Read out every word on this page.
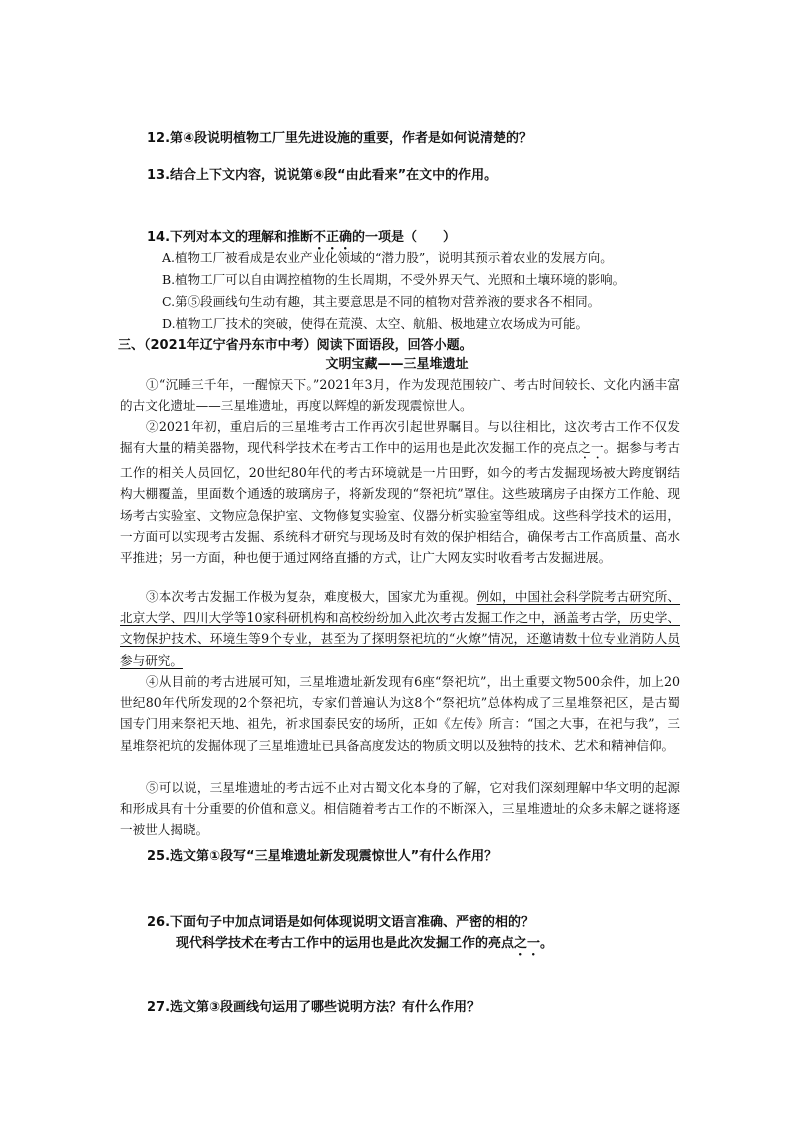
12.第④段说明植物工厂里先进设施的重要，作者是如何说清楚的？
13.结合上下文内容，说说第⑥段“由此看来”在文中的作用。
14.下列对本文的理解和推断不正确的一项是（　　）
A.植物工厂被看成是农业产业化领域的“潜力股”，说明其预示着农业的发展方向。
B.植物工厂可以自由调控植物的生长周期，不受外界天气、光照和土壤环境的影响。
C.第⑤段画线句生动有趣，其主要意思是不同的植物对营养液的要求各不相同。
D.植物工厂技术的突破，使得在荒漠、太空、航船、极地建立农场成为可能。
三、（2021年辽宁省丹东市中考）阅读下面语段，回答小题。
文明宝藏——三星堆遗址

①“沉睡三千年，一醒惊天下。”2021年3月，作为发现范围较广、考古时间较长、文化内涵丰富的古文化遗址——三星堆遗址，再度以辉煌的新发现震惊世人。

②2021年初，重启后的三星堆考古工作再次引起世界瞩目。与以往相比，这次考古工作不仅发掘有大量的精美器物，现代科学技术在考古工作中的运用也是此次发掘工作的亮点之一。据参与考古工作的相关人员回忆，20世纪80年代的考古环境就是一片田野，如今的考古发掘现场被大跨度钢结构大棚覆盖，里面数个通透的玻璃房子，将新发现的“祭祀坑”罩住。这些玻璃房子由探方工作舱、现场考古实验室、文物应急保护室、文物修复实验室、仪器分析实验室等组成。这些科学技术的运用，一方面可以实现考古发掘、系统科才研究与现场及时有效的保护相结合，确保考古工作高质量、高水平推进；另一方面，种也便于通过网络直播的方式，让广大网友实时收看考古发掘进展。

③本次考古发掘工作极为复杂，难度极大，国家尤为重视。例如，中国社会科学院考古研究所、北京大学、四川大学等10家科研机构和高校纷纷加入此次考古发掘工作之中，涵盖考古学，历史学、文物保护技术、环境生等9个专业，甚至为了探明祭祀坑的“火燎”情况，还邀请数十位专业消防人员参与研究。

④从目前的考古进展可知，三星堆遗址新发现有6座“祭祀坑”，出土重要文物500余件，加上20世纪80年代所发现的2个祭祀坑，专家们普遍认为这8个“祭祀坑”总体构成了三星堆祭祀区，是古蜀国专门用来祭祀天地、祖先，祈求国泰民安的场所，正如《左传》所言：“国之大事，在祀与我”，三星堆祭祀坑的发掘体现了三星堆遗址已具备高度发达的物质文明以及独特的技术、艺术和精神信仰。

⑤可以说，三星堆遗址的考古远不止对古蜀文化本身的了解，它对我们深刻理解中华文明的起源和形成具有十分重要的价值和意义。相信随着考古工作的不断深入，三星堆遗址的众多未解之谜将逐一被世人揭晓。

25.选文第①段写“三星堆遗址新发现震惊世人”有什么作用？
26.下面句子中加点词语是如何体现说明文语言准确、严密的相的？
现代科学技术在考古工作中的运用也是此次发掘工作的亮点之一。
27.选文第③段画线句运用了哪些说明方法？有什么作用？
